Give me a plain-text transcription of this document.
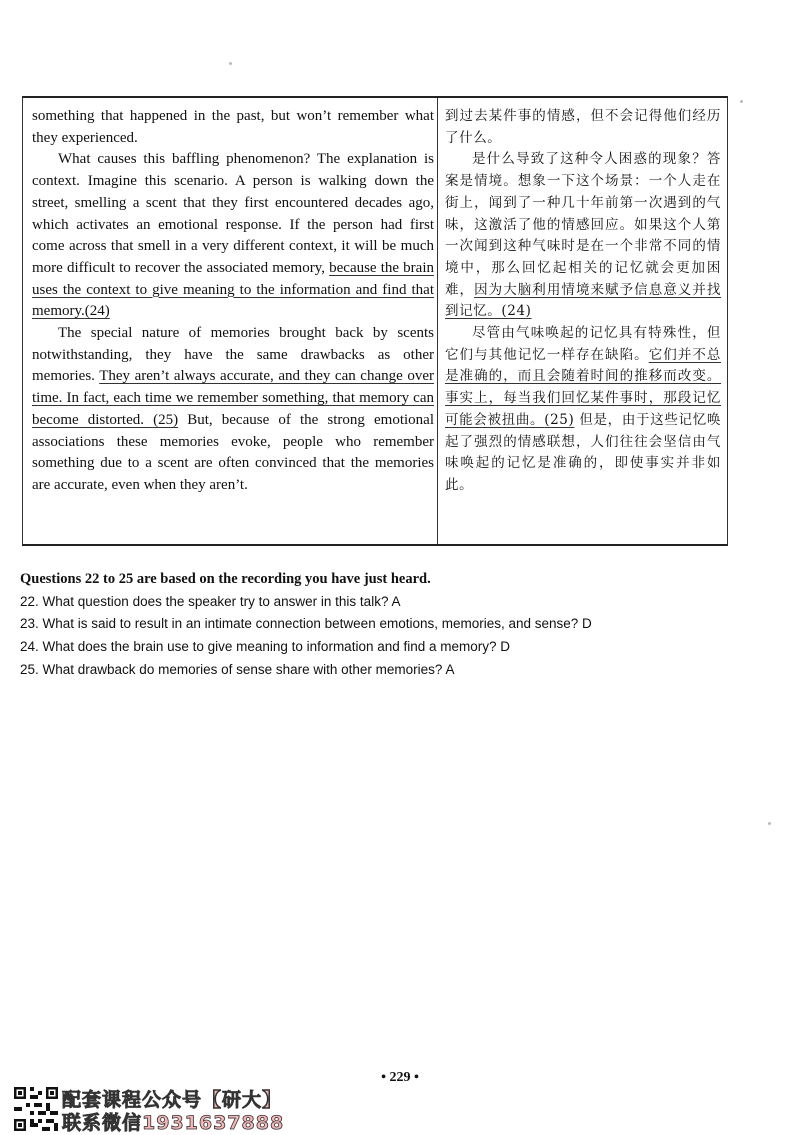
something that happened in the past, but won’t remember what they experienced.

What causes this baffling phenomenon? The explanation is context. Imagine this scenario. A person is walking down the street, smelling a scent that they first encountered decades ago, which activates an emotional response. If the person had first come across that smell in a very different context, it will be much more difficult to recover the associated memory, because the brain uses the context to give meaning to the information and find that memory.(24)

The special nature of memories brought back by scents notwithstanding, they have the same drawbacks as other memories. They aren’t always accurate, and they can change over time. In fact, each time we remember something, that memory can become distorted. (25) But, because of the strong emotional associations these memories evoke, people who remember something due to a scent are often convinced that the memories are accurate, even when they aren’t.

到过去某件事的情感，但不会记得他们经历了什么。

是什么导致了这种令人困惑的现象？答案是情境。想象一下这个场景：一个人走在街上，闻到了一种几十年前第一次遇到的气味，这激活了他的情感回应。如果这个人第一次闻到这种气味时是在一个非常不同的情境中，那么回忆起相关的记忆就会更加困难，因为大脑利用情境来赋予信息意义并找到记忆。(24)

尽管由气味唤起的记忆具有特殊性，但它们与其他记忆一样存在缺陷。它们并不总是准确的，而且会随着时间的推移而改变。事实上，每当我们回忆某件事时，那段记忆可能会被扭曲。(25) 但是，由于这些记忆唤起了强烈的情感联想，人们往往会坚信由气味唤起的记忆是准确的，即使事实并非如此。

Questions 22 to 25 are based on the recording you have just heard.

22. What question does the speaker try to answer in this talk? A

23. What is said to result in an intimate connection between emotions, memories, and sense? D

24. What does the brain use to give meaning to information and find a memory? D

25. What drawback do memories of sense share with other memories? A

• 229 •
配套课程公众号【研大】
联系微信1931637888
